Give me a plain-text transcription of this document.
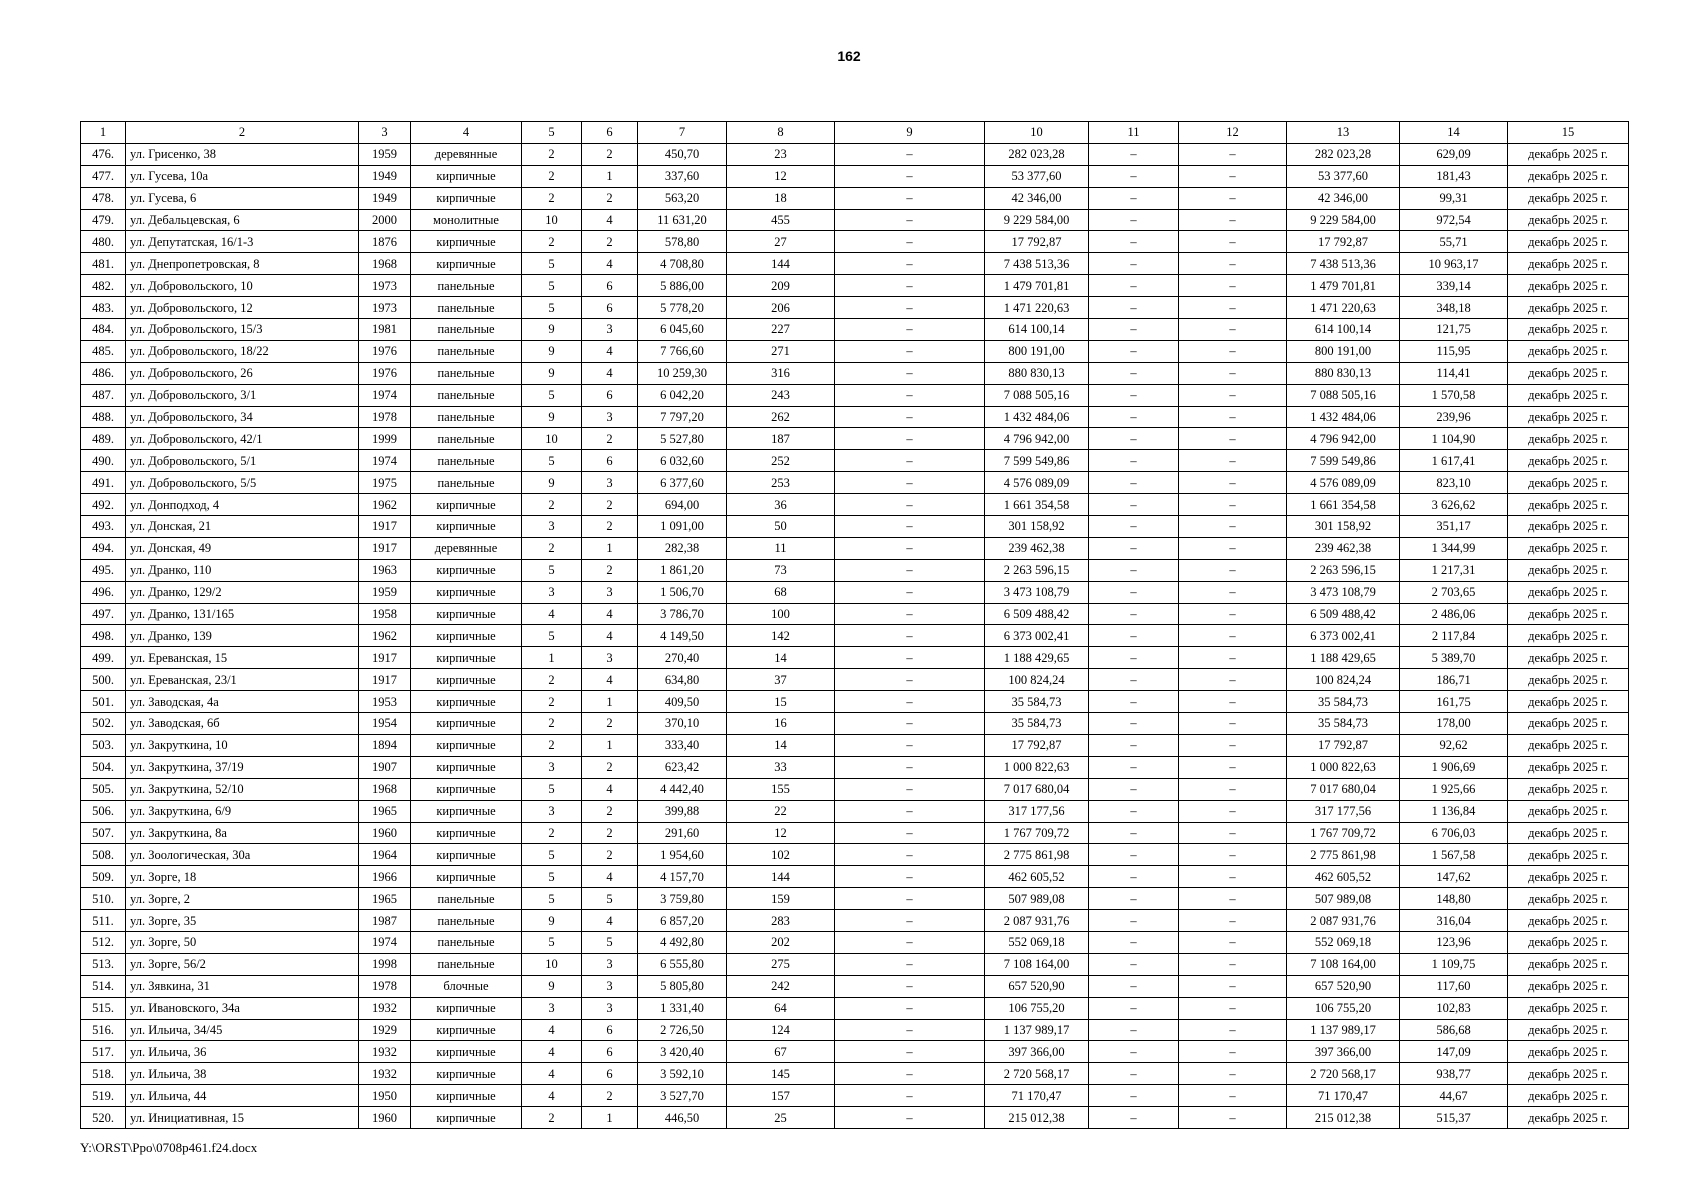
162
1	2	3	4	5	6	7	8	9	10	11	12	13	14	15
476.	ул. Грисенко, 38	1959	деревянные	2	2	450,70	23	–	282 023,28	–	–	282 023,28	629,09	декабрь 2025 г.
477.	ул. Гусева, 10а	1949	кирпичные	2	1	337,60	12	–	53 377,60	–	–	53 377,60	181,43	декабрь 2025 г.
478.	ул. Гусева, 6	1949	кирпичные	2	2	563,20	18	–	42 346,00	–	–	42 346,00	99,31	декабрь 2025 г.
479.	ул. Дебальцевская, 6	2000	монолитные	10	4	11 631,20	455	–	9 229 584,00	–	–	9 229 584,00	972,54	декабрь 2025 г.
480.	ул. Депутатская, 16/1-3	1876	кирпичные	2	2	578,80	27	–	17 792,87	–	–	17 792,87	55,71	декабрь 2025 г.
481.	ул. Днепропетровская, 8	1968	кирпичные	5	4	4 708,80	144	–	7 438 513,36	–	–	7 438 513,36	10 963,17	декабрь 2025 г.
482.	ул. Добровольского, 10	1973	панельные	5	6	5 886,00	209	–	1 479 701,81	–	–	1 479 701,81	339,14	декабрь 2025 г.
483.	ул. Добровольского, 12	1973	панельные	5	6	5 778,20	206	–	1 471 220,63	–	–	1 471 220,63	348,18	декабрь 2025 г.
484.	ул. Добровольского, 15/3	1981	панельные	9	3	6 045,60	227	–	614 100,14	–	–	614 100,14	121,75	декабрь 2025 г.
485.	ул. Добровольского, 18/22	1976	панельные	9	4	7 766,60	271	–	800 191,00	–	–	800 191,00	115,95	декабрь 2025 г.
486.	ул. Добровольского, 26	1976	панельные	9	4	10 259,30	316	–	880 830,13	–	–	880 830,13	114,41	декабрь 2025 г.
487.	ул. Добровольского, 3/1	1974	панельные	5	6	6 042,20	243	–	7 088 505,16	–	–	7 088 505,16	1 570,58	декабрь 2025 г.
488.	ул. Добровольского, 34	1978	панельные	9	3	7 797,20	262	–	1 432 484,06	–	–	1 432 484,06	239,96	декабрь 2025 г.
489.	ул. Добровольского, 42/1	1999	панельные	10	2	5 527,80	187	–	4 796 942,00	–	–	4 796 942,00	1 104,90	декабрь 2025 г.
490.	ул. Добровольского, 5/1	1974	панельные	5	6	6 032,60	252	–	7 599 549,86	–	–	7 599 549,86	1 617,41	декабрь 2025 г.
491.	ул. Добровольского, 5/5	1975	панельные	9	3	6 377,60	253	–	4 576 089,09	–	–	4 576 089,09	823,10	декабрь 2025 г.
492.	ул. Донподход, 4	1962	кирпичные	2	2	694,00	36	–	1 661 354,58	–	–	1 661 354,58	3 626,62	декабрь 2025 г.
493.	ул. Донская, 21	1917	кирпичные	3	2	1 091,00	50	–	301 158,92	–	–	301 158,92	351,17	декабрь 2025 г.
494.	ул. Донская, 49	1917	деревянные	2	1	282,38	11	–	239 462,38	–	–	239 462,38	1 344,99	декабрь 2025 г.
495.	ул. Дранко, 110	1963	кирпичные	5	2	1 861,20	73	–	2 263 596,15	–	–	2 263 596,15	1 217,31	декабрь 2025 г.
496.	ул. Дранко, 129/2	1959	кирпичные	3	3	1 506,70	68	–	3 473 108,79	–	–	3 473 108,79	2 703,65	декабрь 2025 г.
497.	ул. Дранко, 131/165	1958	кирпичные	4	4	3 786,70	100	–	6 509 488,42	–	–	6 509 488,42	2 486,06	декабрь 2025 г.
498.	ул. Дранко, 139	1962	кирпичные	5	4	4 149,50	142	–	6 373 002,41	–	–	6 373 002,41	2 117,84	декабрь 2025 г.
499.	ул. Ереванская, 15	1917	кирпичные	1	3	270,40	14	–	1 188 429,65	–	–	1 188 429,65	5 389,70	декабрь 2025 г.
500.	ул. Ереванская, 23/1	1917	кирпичные	2	4	634,80	37	–	100 824,24	–	–	100 824,24	186,71	декабрь 2025 г.
501.	ул. Заводская, 4а	1953	кирпичные	2	1	409,50	15	–	35 584,73	–	–	35 584,73	161,75	декабрь 2025 г.
502.	ул. Заводская, 6б	1954	кирпичные	2	2	370,10	16	–	35 584,73	–	–	35 584,73	178,00	декабрь 2025 г.
503.	ул. Закруткина, 10	1894	кирпичные	2	1	333,40	14	–	17 792,87	–	–	17 792,87	92,62	декабрь 2025 г.
504.	ул. Закруткина, 37/19	1907	кирпичные	3	2	623,42	33	–	1 000 822,63	–	–	1 000 822,63	1 906,69	декабрь 2025 г.
505.	ул. Закруткина, 52/10	1968	кирпичные	5	4	4 442,40	155	–	7 017 680,04	–	–	7 017 680,04	1 925,66	декабрь 2025 г.
506.	ул. Закруткина, 6/9	1965	кирпичные	3	2	399,88	22	–	317 177,56	–	–	317 177,56	1 136,84	декабрь 2025 г.
507.	ул. Закруткина, 8а	1960	кирпичные	2	2	291,60	12	–	1 767 709,72	–	–	1 767 709,72	6 706,03	декабрь 2025 г.
508.	ул. Зоологическая, 30а	1964	кирпичные	5	2	1 954,60	102	–	2 775 861,98	–	–	2 775 861,98	1 567,58	декабрь 2025 г.
509.	ул. Зорге, 18	1966	кирпичные	5	4	4 157,70	144	–	462 605,52	–	–	462 605,52	147,62	декабрь 2025 г.
510.	ул. Зорге, 2	1965	панельные	5	5	3 759,80	159	–	507 989,08	–	–	507 989,08	148,80	декабрь 2025 г.
511.	ул. Зорге, 35	1987	панельные	9	4	6 857,20	283	–	2 087 931,76	–	–	2 087 931,76	316,04	декабрь 2025 г.
512.	ул. Зорге, 50	1974	панельные	5	5	4 492,80	202	–	552 069,18	–	–	552 069,18	123,96	декабрь 2025 г.
513.	ул. Зорге, 56/2	1998	панельные	10	3	6 555,80	275	–	7 108 164,00	–	–	7 108 164,00	1 109,75	декабрь 2025 г.
514.	ул. Зявкина, 31	1978	блочные	9	3	5 805,80	242	–	657 520,90	–	–	657 520,90	117,60	декабрь 2025 г.
515.	ул. Ивановского, 34а	1932	кирпичные	3	3	1 331,40	64	–	106 755,20	–	–	106 755,20	102,83	декабрь 2025 г.
516.	ул. Ильича, 34/45	1929	кирпичные	4	6	2 726,50	124	–	1 137 989,17	–	–	1 137 989,17	586,68	декабрь 2025 г.
517.	ул. Ильича, 36	1932	кирпичные	4	6	3 420,40	67	–	397 366,00	–	–	397 366,00	147,09	декабрь 2025 г.
518.	ул. Ильича, 38	1932	кирпичные	4	6	3 592,10	145	–	2 720 568,17	–	–	2 720 568,17	938,77	декабрь 2025 г.
519.	ул. Ильича, 44	1950	кирпичные	4	2	3 527,70	157	–	71 170,47	–	–	71 170,47	44,67	декабрь 2025 г.
520.	ул. Инициативная, 15	1960	кирпичные	2	1	446,50	25	–	215 012,38	–	–	215 012,38	515,37	декабрь 2025 г.
Y:\ORST\Ppo\0708p461.f24.docx
